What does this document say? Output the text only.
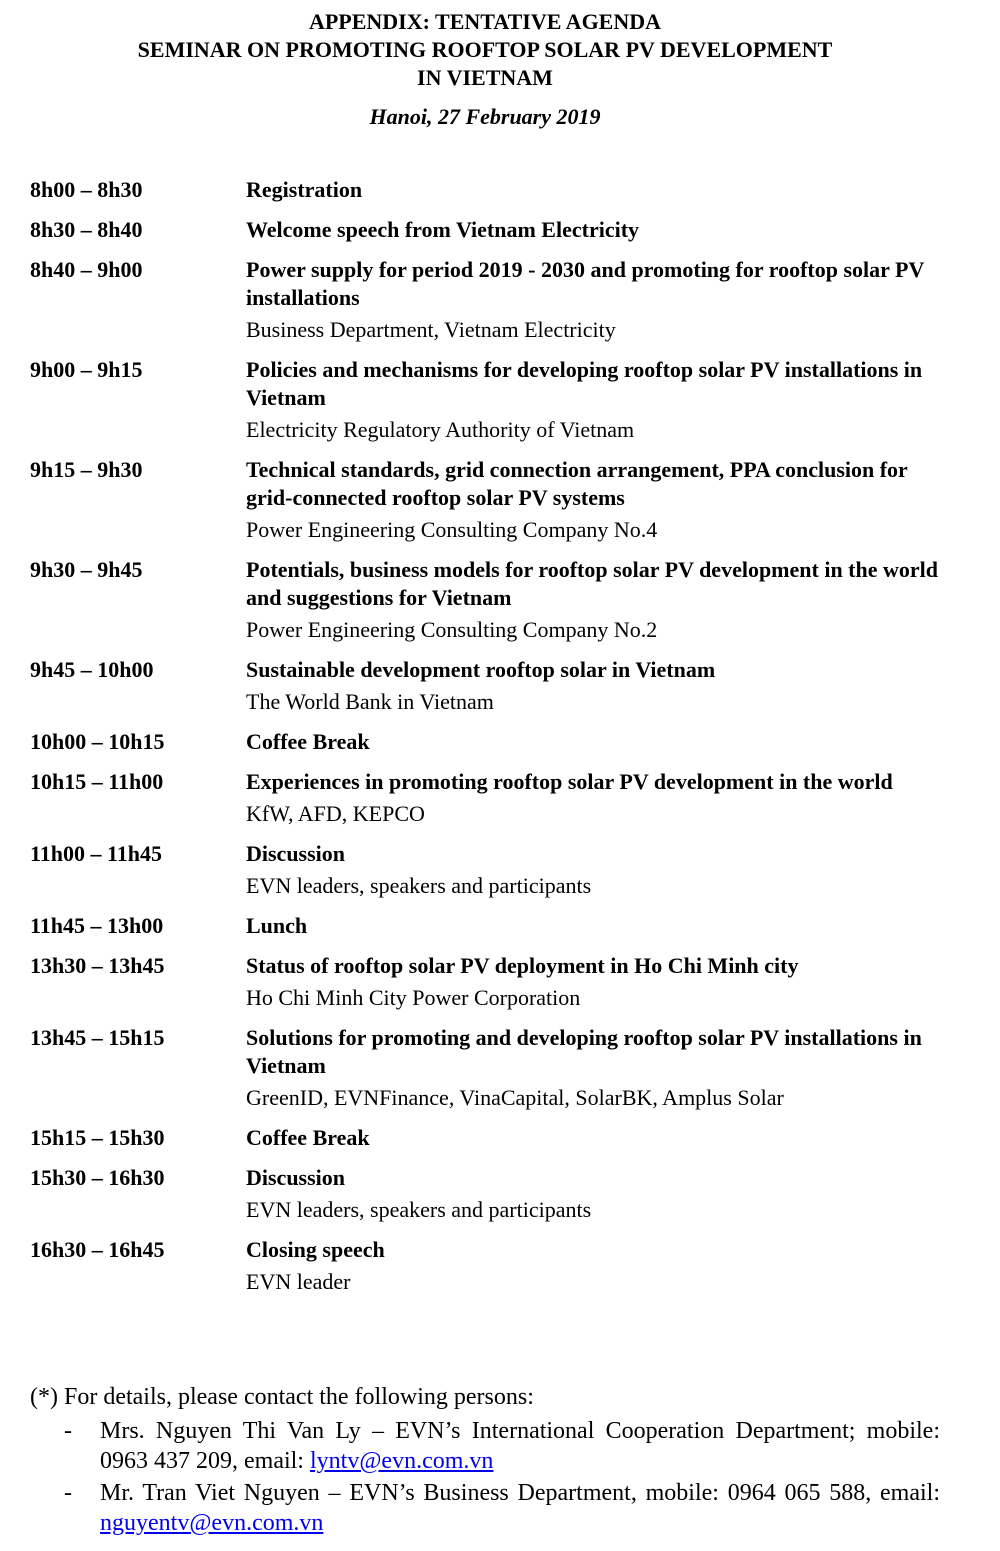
APPENDIX: TENTATIVE AGENDA
SEMINAR ON PROMOTING ROOFTOP SOLAR PV DEVELOPMENT
IN VIETNAM
Hanoi, 27 February 2019
8h00 – 8h30	Registration
8h30 – 8h40	Welcome speech from Vietnam Electricity
8h40 – 9h00	Power supply for period 2019 - 2030 and promoting for rooftop solar PV installations
Business Department, Vietnam Electricity
9h00 – 9h15	Policies and mechanisms for developing rooftop solar PV installations in Vietnam
Electricity Regulatory Authority of Vietnam
9h15 – 9h30	Technical standards, grid connection arrangement, PPA conclusion for grid-connected rooftop solar PV systems
Power Engineering Consulting Company No.4
9h30 – 9h45	Potentials, business models for rooftop solar PV development in the world and suggestions for Vietnam
Power Engineering Consulting Company No.2
9h45 – 10h00	Sustainable development rooftop solar in Vietnam
The World Bank in Vietnam
10h00 – 10h15	Coffee Break
10h15 – 11h00	Experiences in promoting rooftop solar PV development in the world
KfW, AFD, KEPCO
11h00 – 11h45	Discussion
EVN leaders, speakers and participants
11h45 – 13h00	Lunch
13h30 – 13h45	Status of rooftop solar PV deployment in Ho Chi Minh city
Ho Chi Minh City Power Corporation
13h45 – 15h15	Solutions for promoting and developing rooftop solar PV installations in Vietnam
GreenID, EVNFinance, VinaCapital, SolarBK, Amplus Solar
15h15 – 15h30	Coffee Break
15h30 – 16h30	Discussion
EVN leaders, speakers and participants
16h30 – 16h45	Closing speech
EVN leader
(*) For details, please contact the following persons:
-	Mrs. Nguyen Thi Van Ly – EVN’s International Cooperation Department; mobile: 0963 437 209, email: lyntv@evn.com.vn
-	Mr. Tran Viet Nguyen – EVN’s Business Department, mobile: 0964 065 588, email: nguyentv@evn.com.vn
